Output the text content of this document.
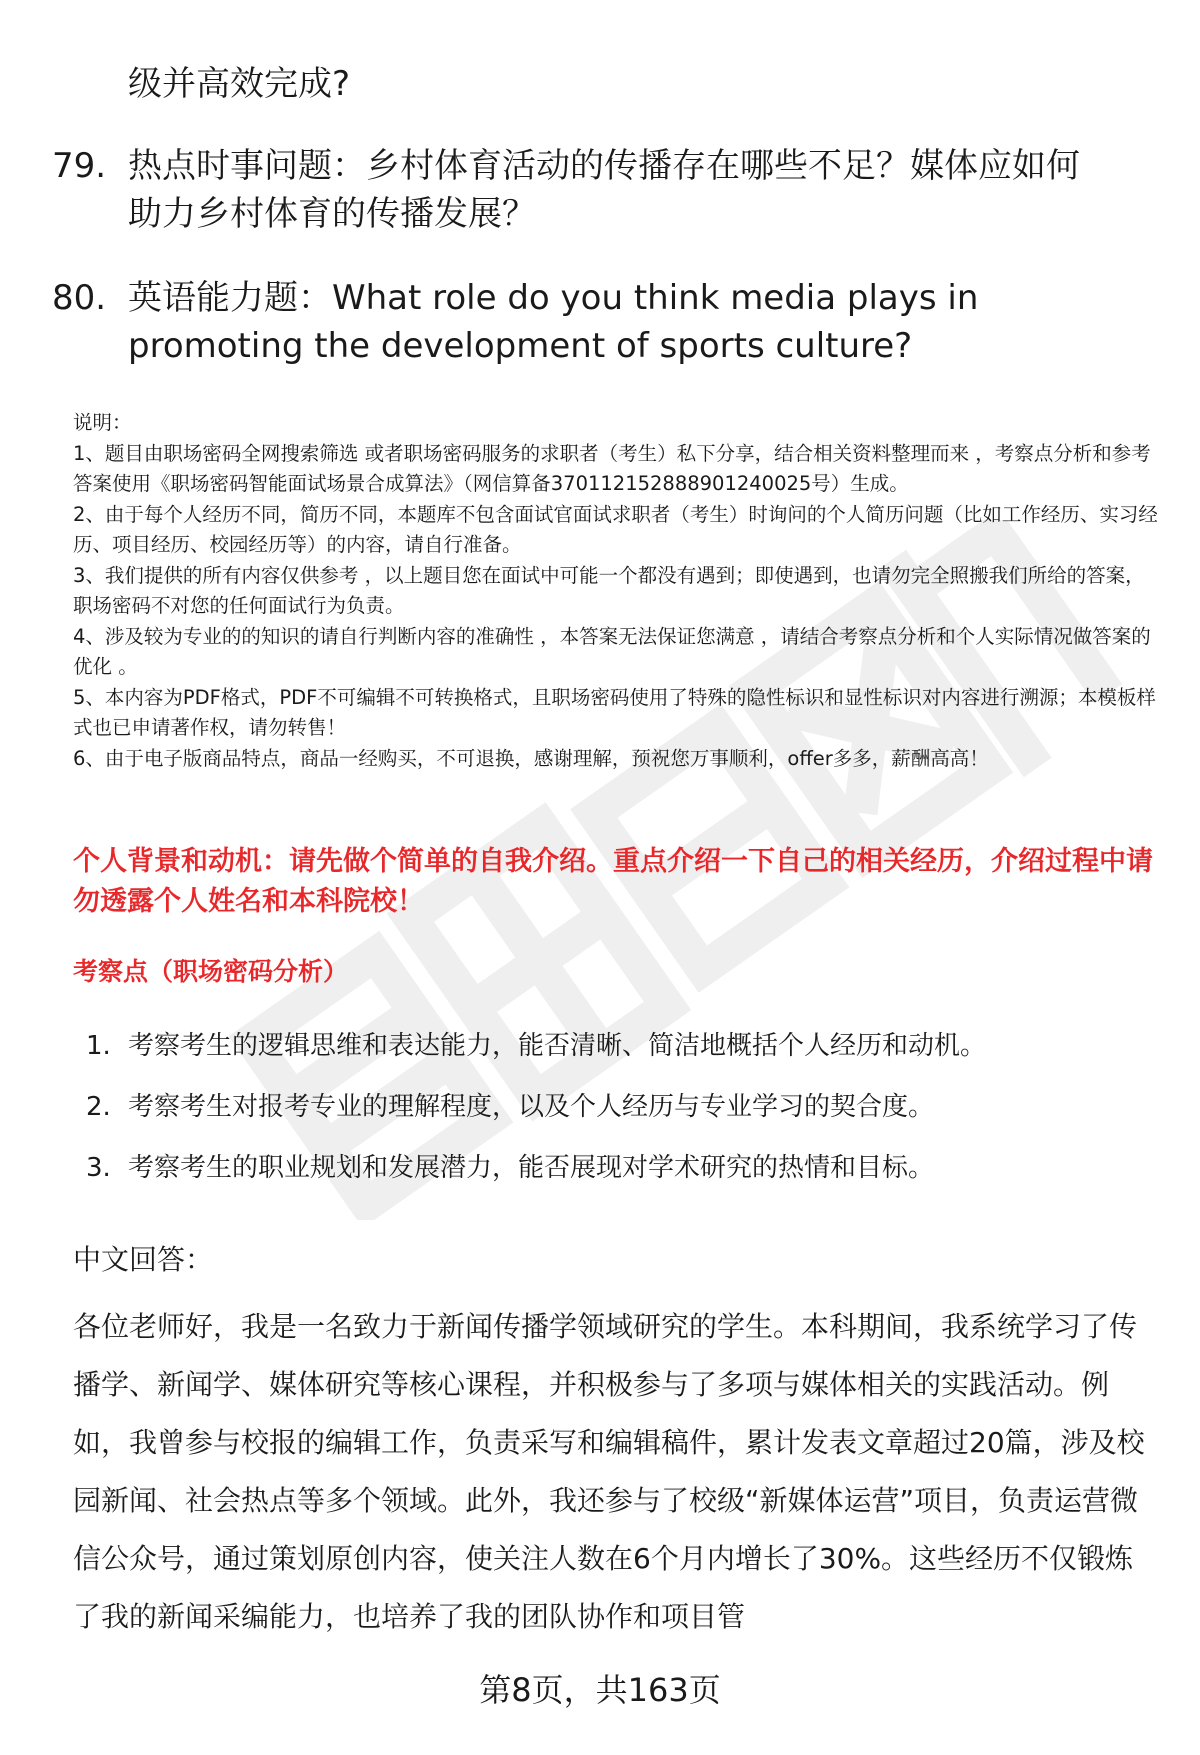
级并高效完成?

79. 热点时事问题：乡村体育活动的传播存在哪些不足？媒体应如何
助力乡村体育的传播发展？
80. 英语能力题：What role do you think media plays in
promoting the development of sports culture?

说明：

1、题目由职场密码全网搜索筛选 或者职场密码服务的求职者（考生）私下分享，结合相关资料整理而来 ，考察点分析和参考答案使用《职场密码智能面试场景合成算法》（网信算备370112152888901240025号）生成。

2、由于每个人经历不同，简历不同，本题库不包含面试官面试求职者（考生）时询问的个人简历问题（比如工作经历、实习经历、项目经历、校园经历等）的内容，请自行准备。

3、我们提供的所有内容仅供参考 ，以上题目您在面试中可能一个都没有遇到；即使遇到，也请勿完全照搬我们所给的答案，职场密码不对您的任何面试行为负责。

4、涉及较为专业的的知识的请自行判断内容的准确性 ，本答案无法保证您满意 ，请结合考察点分析和个人实际情况做答案的优化 。

5、本内容为PDF格式，PDF不可编辑不可转换格式，且职场密码使用了特殊的隐性标识和显性标识对内容进行溯源；本模板样式也已申请著作权，请勿转售！

6、由于电子版商品特点，商品一经购买，不可退换，感谢理解，预祝您万事顺利，offer多多，薪酬高高！

个人背景和动机：请先做个简单的自我介绍。重点介绍一下自己的相关经历，介绍过程中请勿透露个人姓名和本科院校！
考察点（职场密码分析）
1. 考察考生的逻辑思维和表达能力，能否清晰、简洁地概括个人经历和动机。
2. 考察考生对报考专业的理解程度，以及个人经历与专业学习的契合度。
3. 考察考生的职业规划和发展潜力，能否展现对学术研究的热情和目标。
中文回答：

各位老师好，我是一名致力于新闻传播学领域研究的学生。本科期间，我系统学习了传播学、新闻学、媒体研究等核心课程，并积极参与了多项与媒体相关的实践活动。例如，我曾参与校报的编辑工作，负责采写和编辑稿件，累计发表文章超过20篇，涉及校园新闻、社会热点等多个领域。此外，我还参与了校级“新媒体运营”项目，负责运营微信公众号，通过策划原创内容，使关注人数在6个月内增长了30%。这些经历不仅锻炼了我的新闻采编能力，也培养了我的团队协作和项目管

第8页，共163页
